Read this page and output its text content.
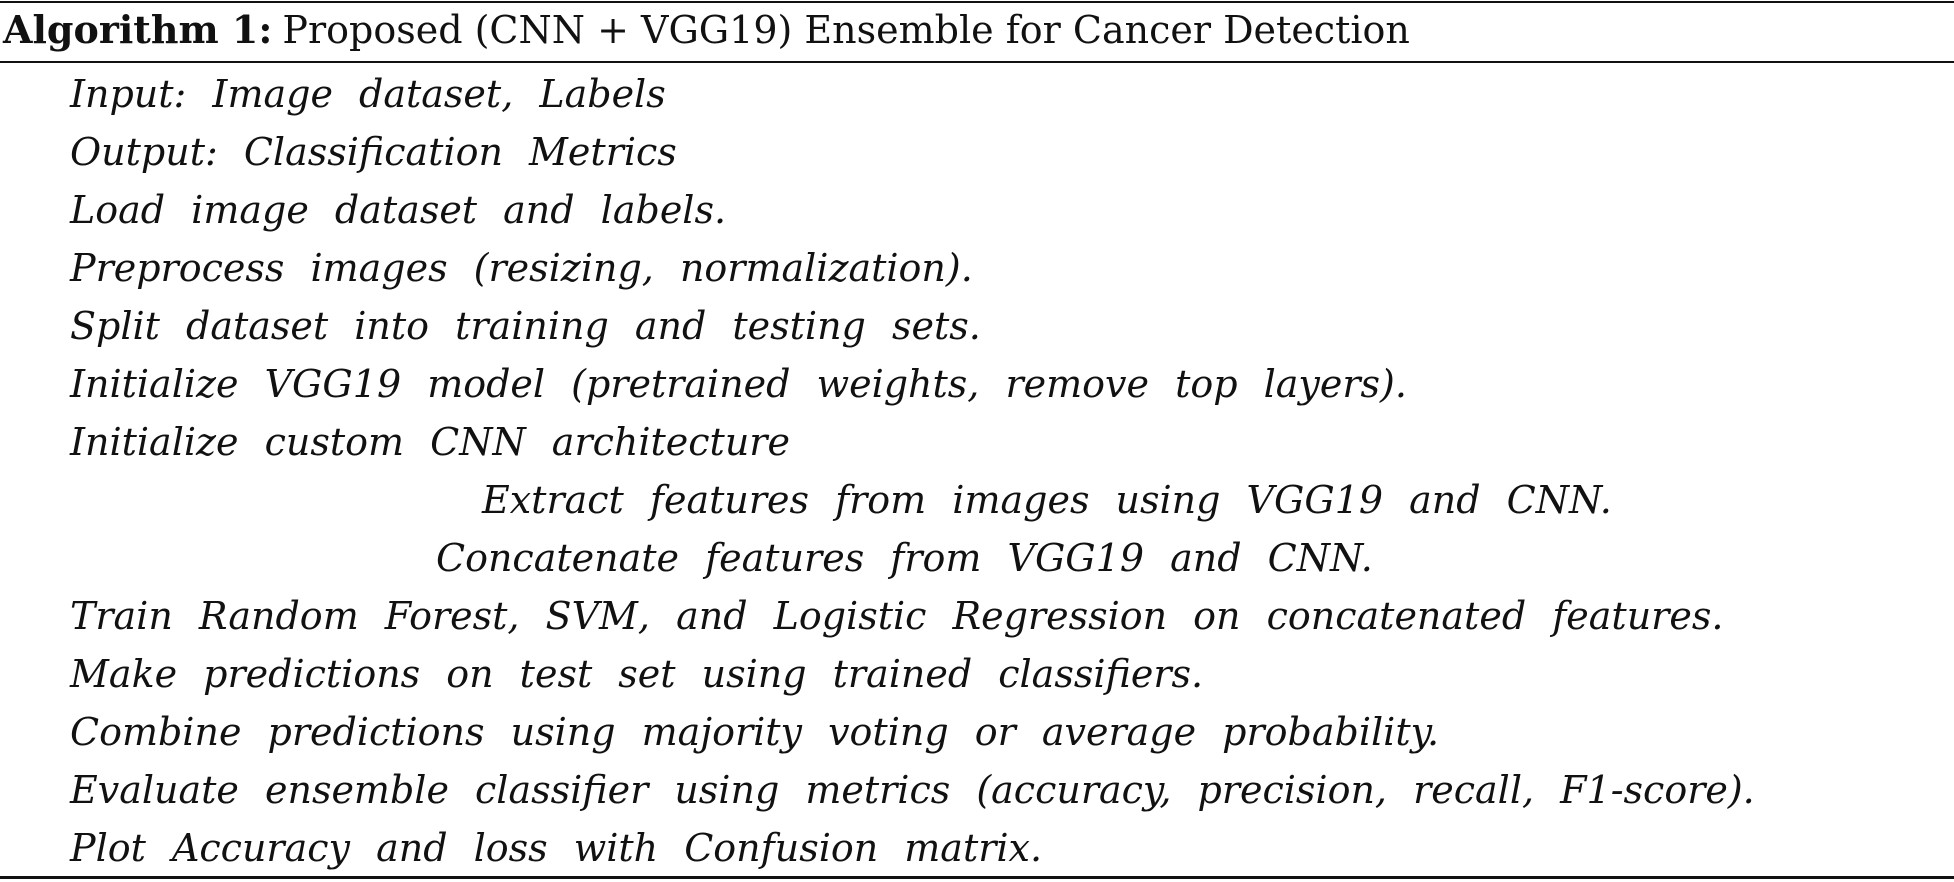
Algorithm 1: Proposed (CNN + VGG19) Ensemble for Cancer Detection
Input: Image dataset, Labels
Output: Classification Metrics
Load image dataset and labels.
Preprocess images (resizing, normalization).
Split dataset into training and testing sets.
Initialize VGG19 model (pretrained weights, remove top layers).
Initialize custom CNN architecture
Extract features from images using VGG19 and CNN.
Concatenate features from VGG19 and CNN.
Train Random Forest, SVM, and Logistic Regression on concatenated features.
Make predictions on test set using trained classifiers.
Combine predictions using majority voting or average probability.
Evaluate ensemble classifier using metrics (accuracy, precision, recall, F1-score).
Plot Accuracy and loss with Confusion matrix.
